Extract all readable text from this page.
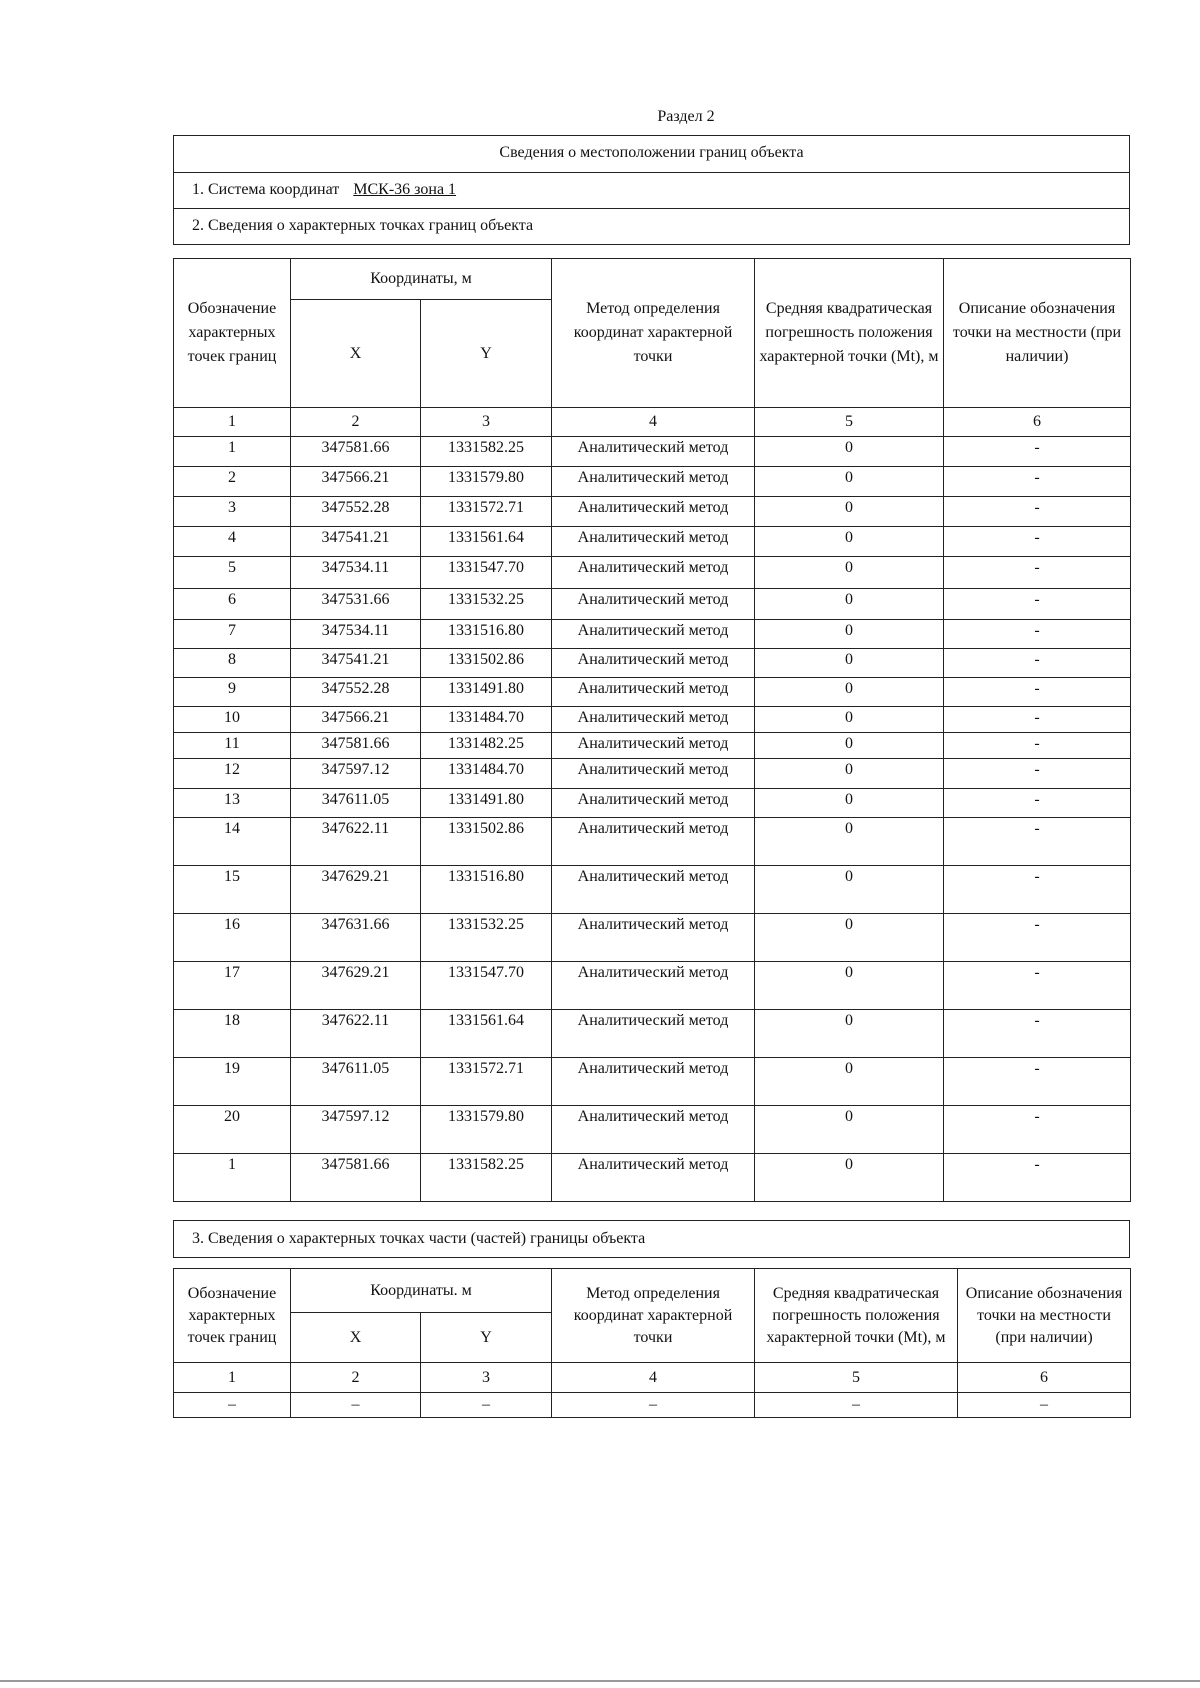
Раздел 2
Сведения о местоположении границ объекта
1. Система координат МСК-36 зона 1
2. Сведения о характерных точках границ объекта
Обозначение характерных точек границ	Координаты, м		Метод определения координат характерной точки	Средняя квадратическая погрешность положения характерной точки (Mt), м	Описание обозначения точки на местности (при наличии)
	X	Y			
1	2	3	4	5	6
1	347581.66	1331582.25	Аналитический метод	0	-
2	347566.21	1331579.80	Аналитический метод	0	-
3	347552.28	1331572.71	Аналитический метод	0	-
4	347541.21	1331561.64	Аналитический метод	0	-
5	347534.11	1331547.70	Аналитический метод	0	-
6	347531.66	1331532.25	Аналитический метод	0	-
7	347534.11	1331516.80	Аналитический метод	0	-
8	347541.21	1331502.86	Аналитический метод	0	-
9	347552.28	1331491.80	Аналитический метод	0	-
10	347566.21	1331484.70	Аналитический метод	0	-
11	347581.66	1331482.25	Аналитический метод	0	-
12	347597.12	1331484.70	Аналитический метод	0	-
13	347611.05	1331491.80	Аналитический метод	0	-
14	347622.11	1331502.86	Аналитический метод	0	-
15	347629.21	1331516.80	Аналитический метод	0	-
16	347631.66	1331532.25	Аналитический метод	0	-
17	347629.21	1331547.70	Аналитический метод	0	-
18	347622.11	1331561.64	Аналитический метод	0	-
19	347611.05	1331572.71	Аналитический метод	0	-
20	347597.12	1331579.80	Аналитический метод	0	-
1	347581.66	1331582.25	Аналитический метод	0	-
3. Сведения о характерных точках части (частей) границы объекта
Обозначение характерных точек границ	Координаты. м		Метод определения координат характерной точки	Средняя квадратическая погрешность положения характерной точки (Mt), м	Описание обозначения точки на местности (при наличии)
	X	Y			
1	2	3	4	5	6
–	–	–	–	–	–
